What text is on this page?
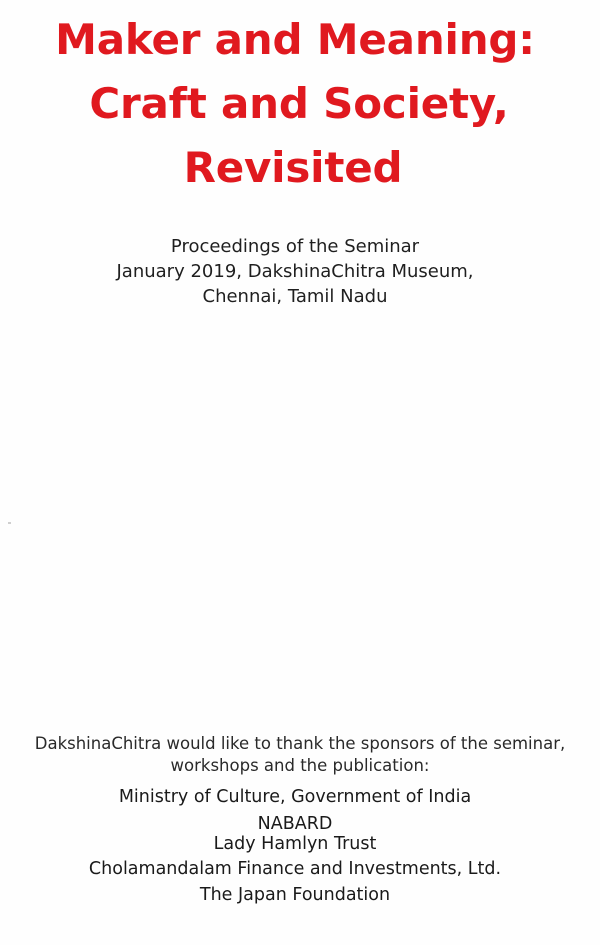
Maker and Meaning:
Craft and Society,
Revisited
Proceedings of the Seminar
January 2019, DakshinaChitra Museum,
Chennai, Tamil Nadu
DakshinaChitra would like to thank the sponsors of the seminar,
workshops and the publication:
Ministry of Culture, Government of India
NABARD
Lady Hamlyn Trust
Cholamandalam Finance and Investments, Ltd.
The Japan Foundation
